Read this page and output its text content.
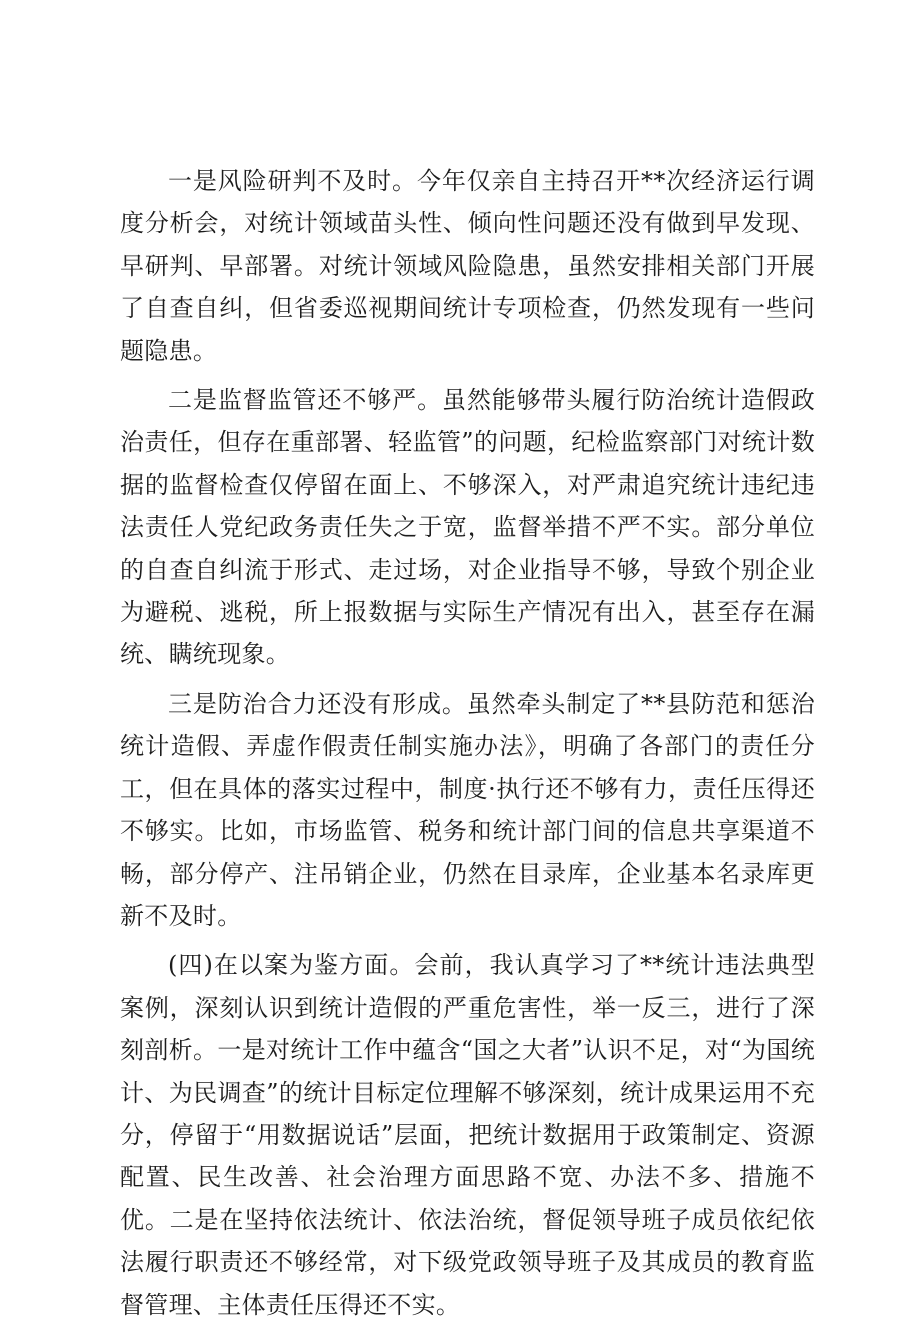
一是风险研判不及时。今年仅亲自主持召开**次经济运行调度分析会，对统计领域苗头性、倾向性问题还没有做到早发现、早研判、早部署。对统计领域风险隐患，虽然安排相关部门开展了自查自纠，但省委巡视期间统计专项检查，仍然发现有一些问题隐患。

二是监督监管还不够严。虽然能够带头履行防治统计造假政治责任，但存在重部署、轻监管”的问题，纪检监察部门对统计数据的监督检查仅停留在面上、不够深入，对严肃追究统计违纪违法责任人党纪政务责任失之于宽，监督举措不严不实。部分单位的自查自纠流于形式、走过场，对企业指导不够，导致个别企业为避税、逃税，所上报数据与实际生产情况有出入，甚至存在漏统、瞒统现象。

三是防治合力还没有形成。虽然牵头制定了**县防范和惩治统计造假、弄虚作假责任制实施办法》，明确了各部门的责任分工，但在具体的落实过程中，制度·执行还不够有力，责任压得还不够实。比如，市场监管、税务和统计部门间的信息共享渠道不畅，部分停产、注吊销企业，仍然在目录库，企业基本名录库更新不及时。

(四)在以案为鉴方面。会前，我认真学习了**统计违法典型案例，深刻认识到统计造假的严重危害性，举一反三，进行了深刻剖析。一是对统计工作中蕴含“国之大者”认识不足，对“为国统计、为民调查”的统计目标定位理解不够深刻，统计成果运用不充分，停留于“用数据说话”层面，把统计数据用于政策制定、资源配置、民生改善、社会治理方面思路不宽、办法不多、措施不优。二是在坚持依法统计、依法治统，督促领导班子成员依纪依法履行职责还不够经常，对下级党政领导班子及其成员的教育监督管理、主体责任压得还不实。
